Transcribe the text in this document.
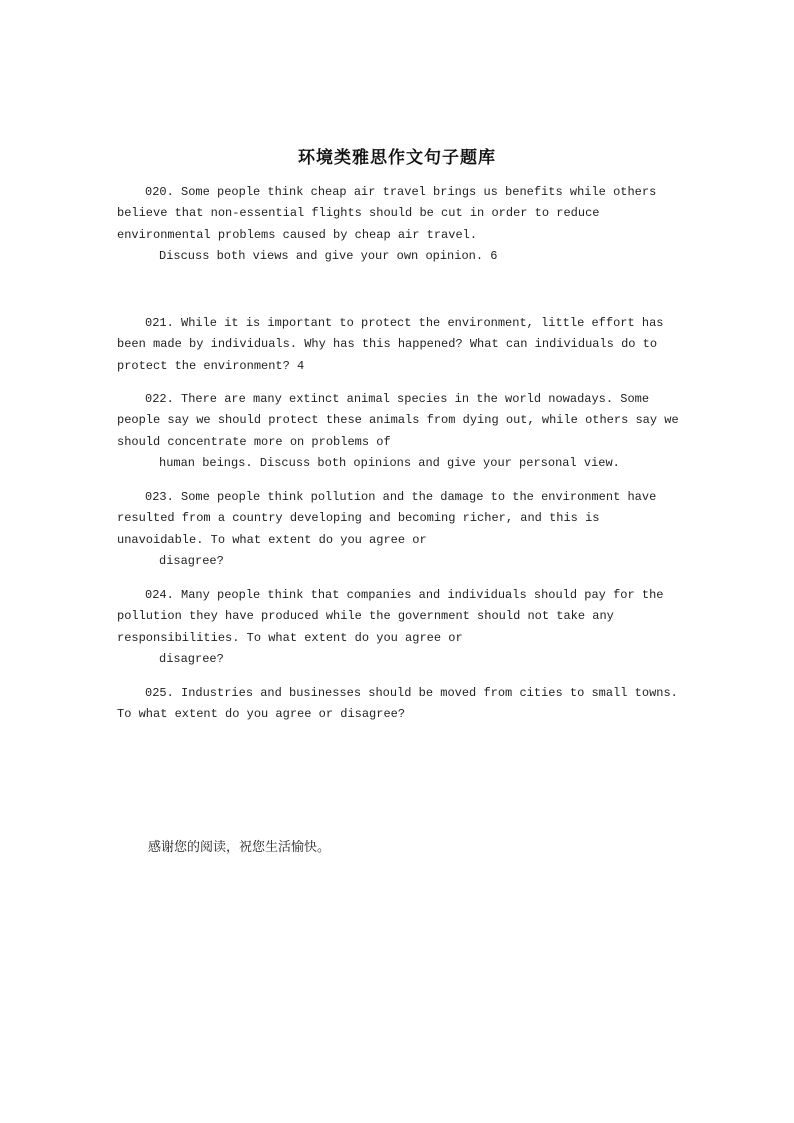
环境类雅思作文句子题库
020. Some people think cheap air travel brings us benefits while others
believe that non-essential flights should be cut in order to reduce
environmental problems caused by cheap air travel.
Discuss both views and give your own opinion. 6
021. While it is important to protect the environment, little effort has
been made by individuals. Why has this happened? What can individuals do to
protect the environment? 4
022. There are many extinct animal species in the world nowadays. Some
people say we should protect these animals from dying out, while others say we
should concentrate more on problems of
human beings. Discuss both opinions and give your personal view.
023. Some people think pollution and the damage to the environment have
resulted from a country developing and becoming richer, and this is
unavoidable. To what extent do you agree or
disagree?
024. Many people think that companies and individuals should pay for the
pollution they have produced while the government should not take any
responsibilities. To what extent do you agree or
disagree?
025. Industries and businesses should be moved from cities to small towns.
To what extent do you agree or disagree?
感谢您的阅读，祝您生活愉快。
